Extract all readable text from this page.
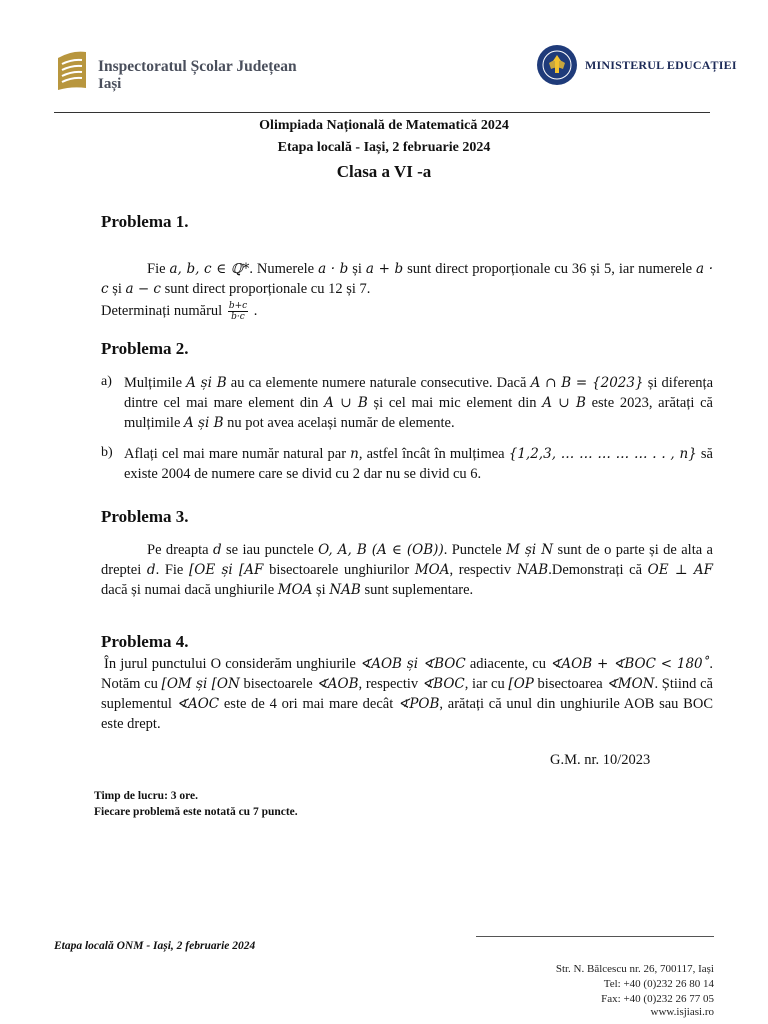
Inspectoratul Școlar Județean
Iași
MINISTERUL EDUCAȚIEI
Olimpiada Națională de Matematică 2024
Etapa locală - Iași, 2 februarie 2024
Clasa a VI -a
Problema 1.
Fie a, b, c ∈ ℚ*. Numerele a · b și a + b sunt direct proporționale cu 36 și 5, iar numerele a · c și a − c sunt direct proporționale cu 12 și 7.
Determinați numărul $\frac{b+c}{b\cdot c}$ .
Problema 2.
a) Mulțimile A și B au ca elemente numere naturale consecutive. Dacă A ∩ B = {2023} și diferența dintre cel mai mare element din A ∪ B și cel mai mic element din A ∪ B este 2023, arătați că mulțimile A și B nu pot avea același număr de elemente.
b) Aflați cel mai mare număr natural par n, astfel încât în mulțimea {1,2,3, … … … … … . . , n} să existe 2004 de numere care se divid cu 2 dar nu se divid cu 6.
Problema 3.
Pe dreapta d se iau punctele O, A, B (A ∈ (OB)). Punctele M și N sunt de o parte și de alta a dreptei d. Fie [OE și [AF bisectoarele unghiurilor MOA, respectiv NAB.Demonstrați că OE ⊥ AF dacă și numai dacă unghiurile MOA și NAB sunt suplementare.
Problema 4.
În jurul punctului O considerăm unghiurile ∢AOB și ∢BOC adiacente, cu ∢AOB + ∢BOC < 180˚. Notăm cu [OM și [ON bisectoarele ∢AOB, respectiv ∢BOC, iar cu [OP bisectoarea ∢MON. Știind că suplementul ∢AOC este de 4 ori mai mare decât ∢POB, arătați că unul din unghiurile AOB sau BOC este drept.
G.M. nr. 10/2023
Timp de lucru: 3 ore.
Fiecare problemă este notată cu 7 puncte.
Etapa locală ONM - Iași, 2 februarie 2024
Str. N. Bălcescu nr. 26, 700117, Iași
Tel: +40 (0)232 26 80 14
Fax: +40 (0)232 26 77 05
www.isjiasi.ro
